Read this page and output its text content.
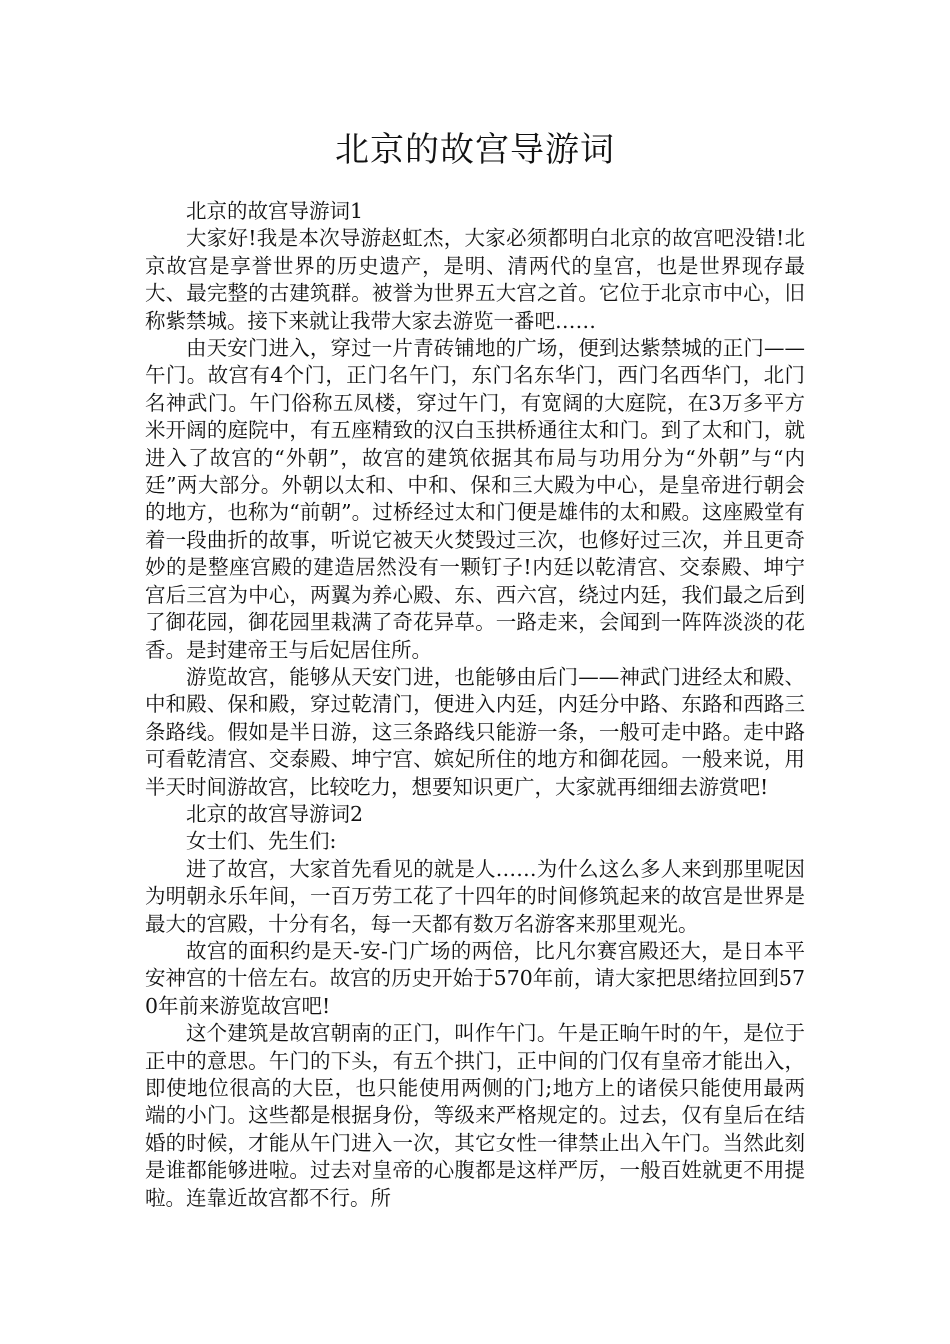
北京的故宫导游词

北京的故宫导游词1

大家好!我是本次导游赵虹杰，大家必须都明白北京的故宫吧没错!北京故宫是享誉世界的历史遗产，是明、清两代的皇宫，也是世界现存最大、最完整的古建筑群。被誉为世界五大宫之首。它位于北京市中心，旧称紫禁城。接下来就让我带大家去游览一番吧……

由天安门进入，穿过一片青砖铺地的广场，便到达紫禁城的正门——午门。故宫有4个门，正门名午门，东门名东华门，西门名西华门，北门名神武门。午门俗称五凤楼，穿过午门，有宽阔的大庭院，在3万多平方米开阔的庭院中，有五座精致的汉白玉拱桥通往太和门。到了太和门，就进入了故宫的“外朝”，故宫的建筑依据其布局与功用分为“外朝”与“内廷”两大部分。外朝以太和、中和、保和三大殿为中心，是皇帝进行朝会的地方，也称为“前朝”。过桥经过太和门便是雄伟的太和殿。这座殿堂有着一段曲折的故事，听说它被天火焚毁过三次，也修好过三次，并且更奇妙的是整座宫殿的建造居然没有一颗钉子!内廷以乾清宫、交泰殿、坤宁宫后三宫为中心，两翼为养心殿、东、西六宫，绕过内廷，我们最之后到了御花园，御花园里栽满了奇花异草。一路走来，会闻到一阵阵淡淡的花香。是封建帝王与后妃居住所。

游览故宫，能够从天安门进，也能够由后门——神武门进经太和殿、中和殿、保和殿，穿过乾清门，便进入内廷，内廷分中路、东路和西路三条路线。假如是半日游，这三条路线只能游一条，一般可走中路。走中路可看乾清宫、交泰殿、坤宁宫、嫔妃所住的地方和御花园。一般来说，用半天时间游故宫，比较吃力，想要知识更广，大家就再细细去游赏吧!

北京的故宫导游词2

女士们、先生们:

进了故宫，大家首先看见的就是人……为什么这么多人来到那里呢因为明朝永乐年间，一百万劳工花了十四年的时间修筑起来的故宫是世界是最大的宫殿，十分有名，每一天都有数万名游客来那里观光。

故宫的面积约是天-安-门广场的两倍，比凡尔赛宫殿还大，是日本平安神宫的十倍左右。故宫的历史开始于570年前，请大家把思绪拉回到570年前来游览故宫吧!

这个建筑是故宫朝南的正门，叫作午门。午是正晌午时的午，是位于正中的意思。午门的下头，有五个拱门，正中间的门仅有皇帝才能出入，即使地位很高的大臣，也只能使用两侧的门;地方上的诸侯只能使用最两端的小门。这些都是根据身份，等级来严格规定的。过去，仅有皇后在结婚的时候，才能从午门进入一次，其它女性一律禁止出入午门。当然此刻是谁都能够进啦。过去对皇帝的心腹都是这样严厉，一般百姓就更不用提啦。连靠近故宫都不行。所
